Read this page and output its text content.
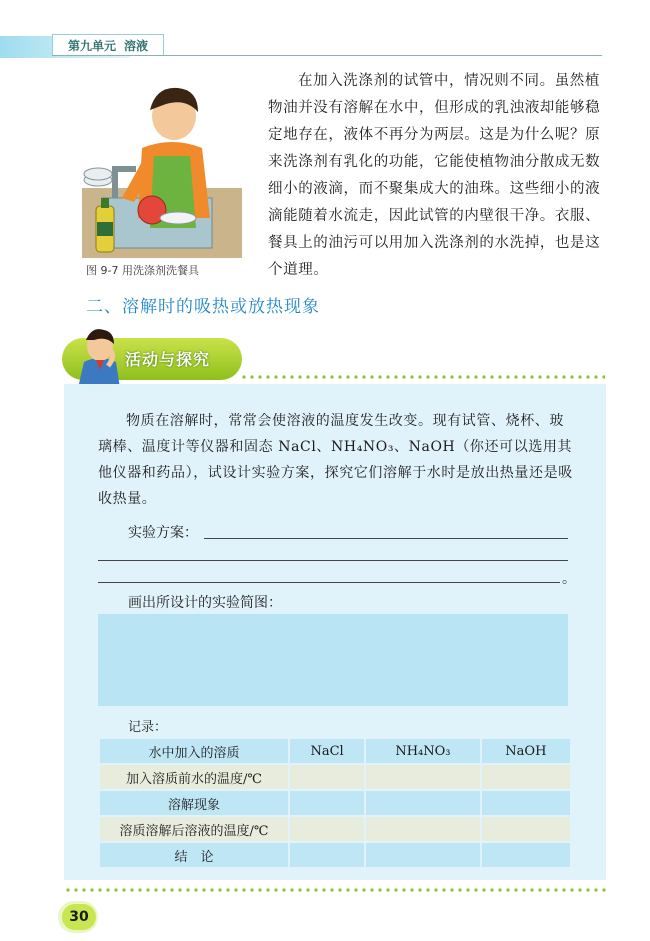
第九单元 溶液
图 9-7 用洗涤剂洗餐具

在加入洗涤剂的试管中，情况则不同。虽然植物油并没有溶解在水中，但形成的乳浊液却能够稳定地存在，液体不再分为两层。这是为什么呢？原来洗涤剂有乳化的功能，它能使植物油分散成无数细小的液滴，而不聚集成大的油珠。这些细小的液滴能随着水流走，因此试管的内壁很干净。衣服、餐具上的油污可以用加入洗涤剂的水洗掉，也是这个道理。

二、溶解时的吸热或放热现象
活动与探究

物质在溶解时，常常会使溶液的温度发生改变。现有试管、烧杯、玻璃棒、温度计等仪器和固态 NaCl、NH₄NO₃、NaOH（你还可以选用其他仪器和药品），试设计实验方案，探究它们溶解于水时是放出热量还是吸收热量。

实验方案：
。
画出所设计的实验简图：
记录：
水中加入的溶质	NaCl	NH₄NO₃	NaOH
加入溶质前水的温度/℃			
溶解现象			
溶质溶解后溶液的温度/℃			
结　论			
30
